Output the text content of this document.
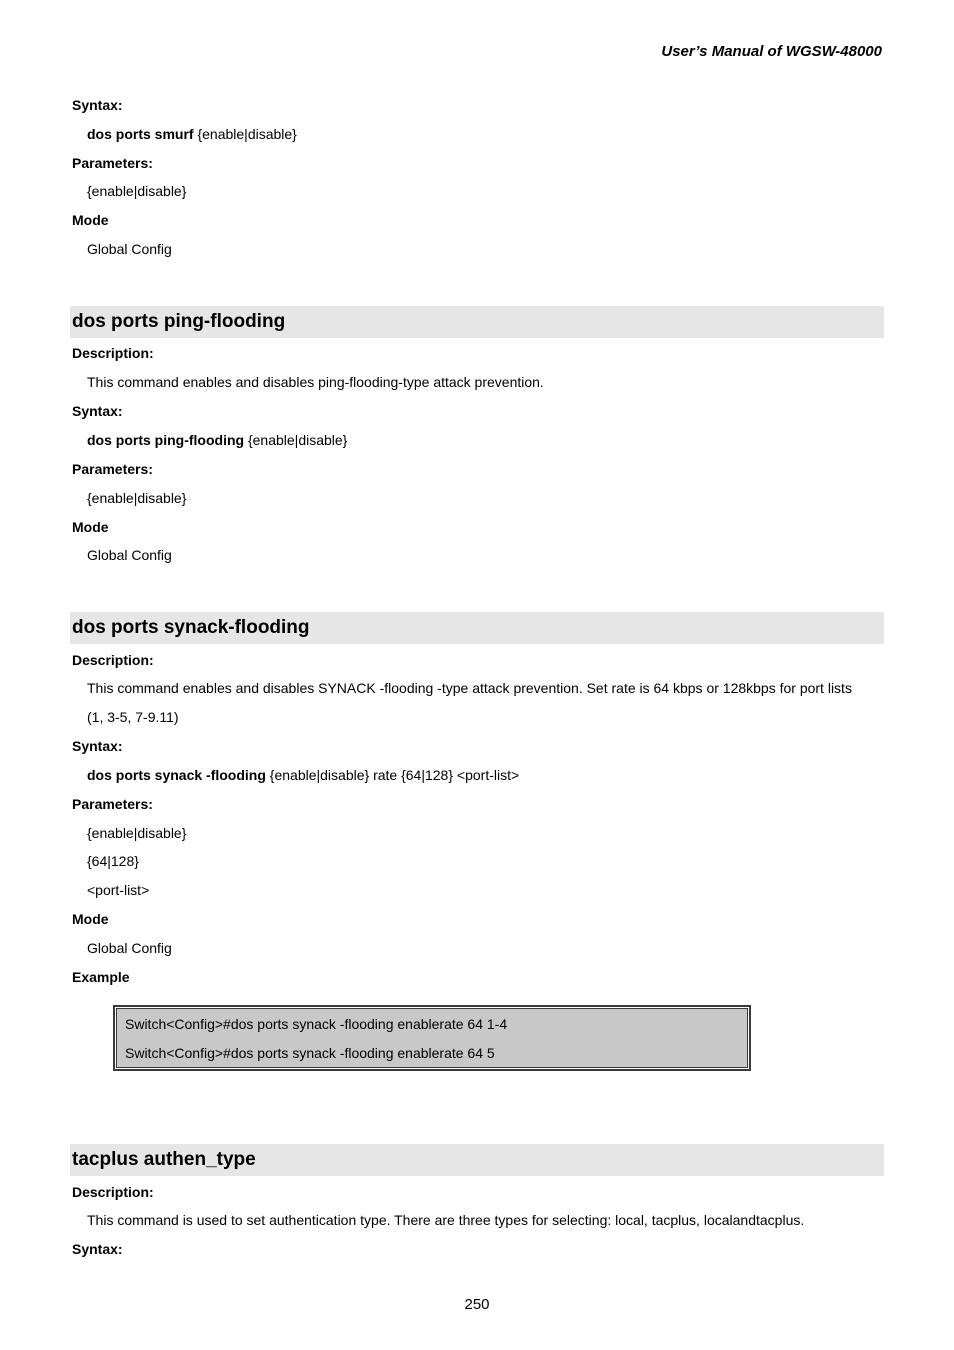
User’s Manual of WGSW-48000
Syntax:
dos ports smurf {enable|disable}
Parameters:
{enable|disable}
Mode
Global Config
dos ports ping-flooding
Description:
This command enables and disables ping-flooding-type attack prevention.
Syntax:
dos ports ping-flooding {enable|disable}
Parameters:
{enable|disable}
Mode
Global Config
dos ports synack-flooding
Description:
This command enables and disables SYNACK -flooding -type attack prevention. Set rate is 64 kbps or 128kbps for port lists
(1, 3-5, 7-9.11)
Syntax:
dos ports synack -flooding {enable|disable} rate {64|128} <port-list>
Parameters:
{enable|disable}
{64|128}
<port-list>
Mode
Global Config
Example
Switch<Config>#dos ports synack -flooding enablerate 64 1-4
Switch<Config>#dos ports synack -flooding enablerate 64 5
tacplus authen_type
Description:
This command is used to set authentication type. There are three types for selecting: local, tacplus, localandtacplus.
Syntax:
250
